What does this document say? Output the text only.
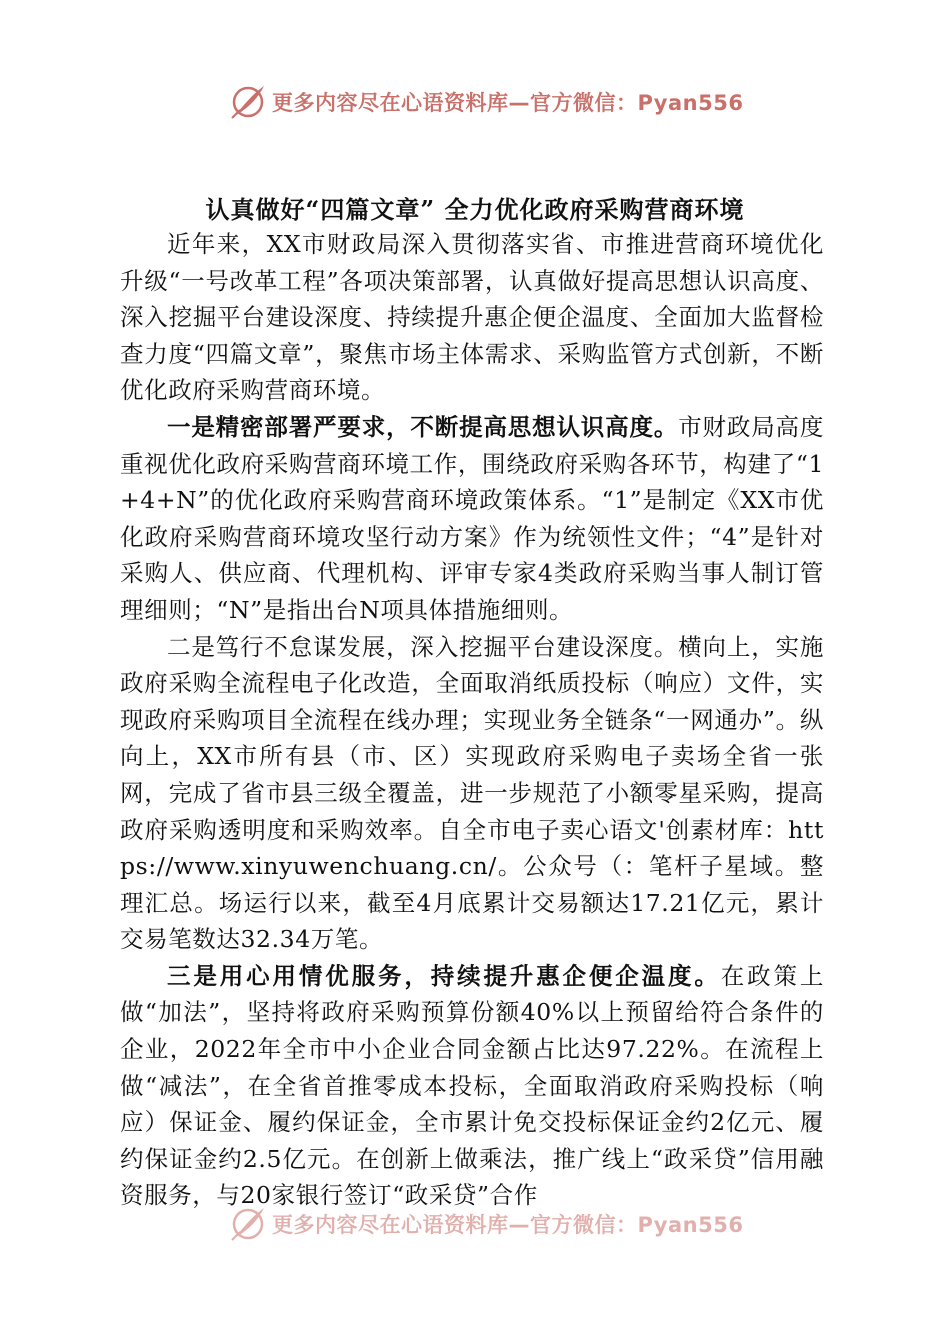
更多内容尽在心语资料库—官方微信：Pyan556
认真做好“四篇文章” 全力优化政府采购营商环境

近年来，XX市财政局深入贯彻落实省、市推进营商环境优化升级“一号改革工程”各项决策部署，认真做好提高思想认识高度、深入挖掘平台建设深度、持续提升惠企便企温度、全面加大监督检查力度“四篇文章”，聚焦市场主体需求、采购监管方式创新，不断优化政府采购营商环境。

一是精密部署严要求，不断提高思想认识高度。市财政局高度重视优化政府采购营商环境工作，围绕政府采购各环节，构建了“1+4+N”的优化政府采购营商环境政策体系。“1”是制定《XX市优化政府采购营商环境攻坚行动方案》作为统领性文件；“4”是针对采购人、供应商、代理机构、评审专家4类政府采购当事人制订管理细则；“N”是指出台N项具体措施细则。

二是笃行不怠谋发展，深入挖掘平台建设深度。横向上，实施政府采购全流程电子化改造，全面取消纸质投标（响应）文件，实现政府采购项目全流程在线办理；实现业务全链条“一网通办”。纵向上，XX市所有县（市、区）实现政府采购电子卖场全省一张网，完成了省市县三级全覆盖，进一步规范了小额零星采购，提高政府采购透明度和采购效率。自全市电子卖心语文'创素材库：https://www.xinyuwenchuang.cn/。公众号（：笔杆子星域。整理汇总。场运行以来，截至4月底累计交易额达17.21亿元，累计交易笔数达32.34万笔。

三是用心用情优服务，持续提升惠企便企温度。在政策上做“加法”，坚持将政府采购预算份额40%以上预留给符合条件的企业，2022年全市中小企业合同金额占比达97.22%。在流程上做“减法”，在全省首推零成本投标，全面取消政府采购投标（响应）保证金、履约保证金，全市累计免交投标保证金约2亿元、履约保证金约2.5亿元。在创新上做乘法，推广线上“政采贷”信用融资服务，与20家银行签订“政采贷”合作

更多内容尽在心语资料库—官方微信：Pyan556
